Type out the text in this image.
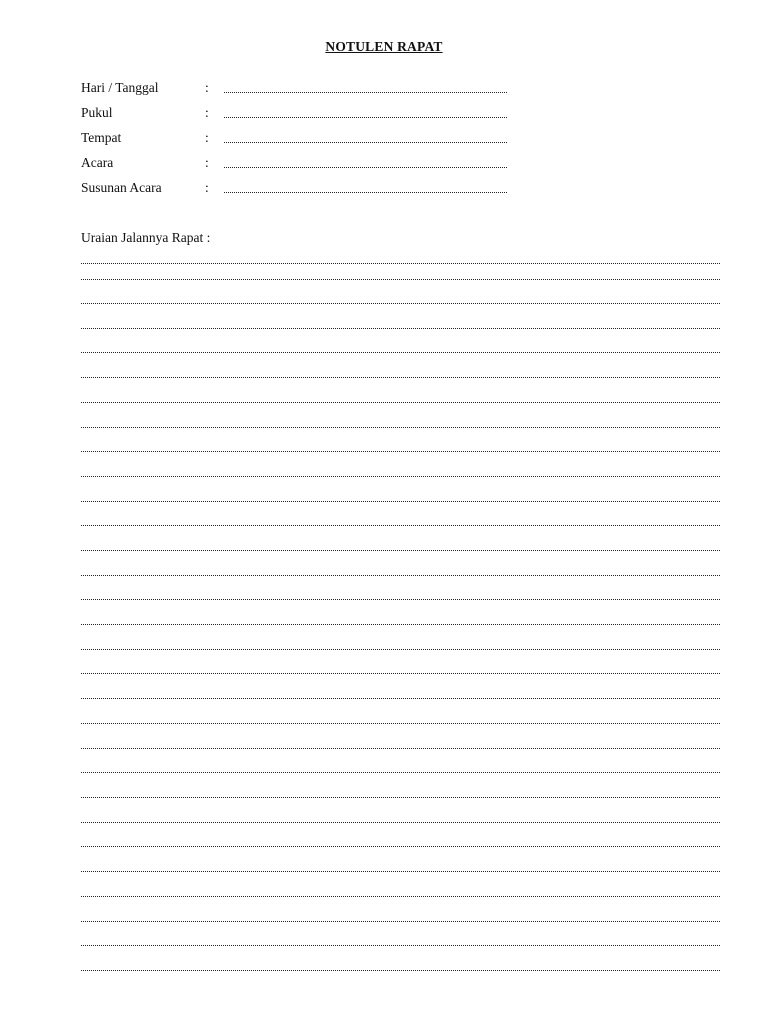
NOTULEN RAPAT
Hari / Tanggal	:
Pukul	:
Tempat	:
Acara	:
Susunan Acara	:
Uraian Jalannya Rapat :
